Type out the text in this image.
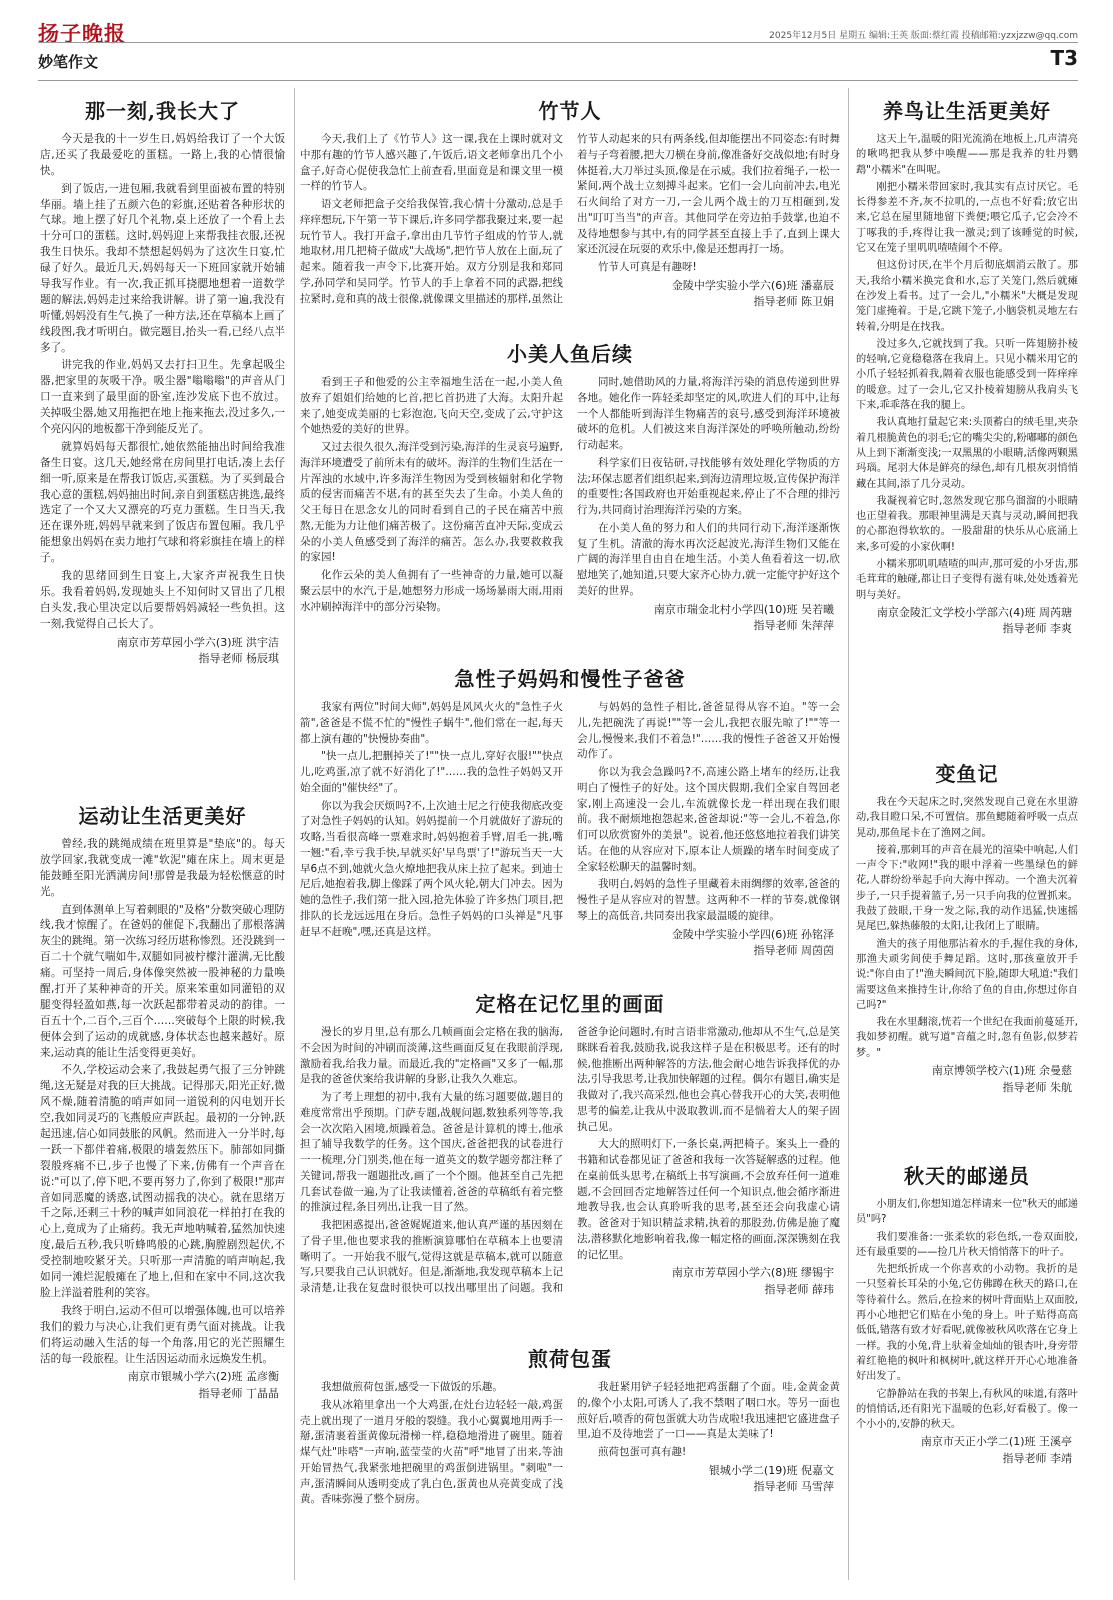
扬子晚报	2025年12月5日 星期五 编辑:王英 版面:蔡红霞 投稿邮箱:yzxjzzw@qq.com
妙笔作文	T3
那一刻,我长大了

今天是我的十一岁生日,妈妈给我订了一个大饭店,还买了我最爱吃的蛋糕。一路上,我的心情很愉快。

到了饭店,一进包厢,我就看到里面被布置的特别华丽。墙上挂了五颜六色的彩旗,还贴着各种形状的气球。地上摆了好几个礼物,桌上还放了一个看上去十分可口的蛋糕。这时,妈妈迎上来帮我挂衣服,还祝我生日快乐。我却不禁想起妈妈为了这次生日宴,忙碌了好久。最近几天,妈妈每天一下班回家就开始辅导我写作业。有一次,我正抓耳挠腮地想着一道数学题的解法,妈妈走过来给我讲解。讲了第一遍,我没有听懂,妈妈没有生气,换了一种方法,还在草稿本上画了线段图,我才听明白。做完题目,抬头一看,已经八点半多了。

讲完我的作业,妈妈又去打扫卫生。先拿起吸尘器,把家里的灰吸干净。吸尘器"嗡嗡嗡"的声音从门口一直来到了最里面的卧室,连沙发底下也不放过。关掉吸尘器,她又用拖把在地上拖来拖去,没过多久,一个亮闪闪的地板都干净到能反光了。

就算妈妈每天都很忙,她依然能抽出时间给我准备生日宴。这几天,她经常在房间里打电话,凑上去仔细一听,原来是在帮我订饭店,买蛋糕。为了买到最合我心意的蛋糕,妈妈抽出时间,亲自到蛋糕店挑选,最终选定了一个又大又漂亮的巧克力蛋糕。生日当天,我还在课外班,妈妈早就来到了饭店布置包厢。我几乎能想象出妈妈在卖力地打气球和将彩旗挂在墙上的样子。

我的思绪回到生日宴上,大家齐声祝我生日快乐。我看着妈妈,发现她头上不知何时又冒出了几根白头发,我心里决定以后要帮妈妈减轻一些负担。这一刻,我觉得自己长大了。

南京市芳草园小学六(3)班 洪宇洁
指导老师 杨辰琪
运动让生活更美好

曾经,我的跳绳成绩在班里算是"垫底"的。每天放学回家,我就变成一滩"软泥"瘫在床上。周末更是能鼓睡至阳光洒满房间!那曾是我最为轻松惬意的时光。

直到体测单上写着刺眼的"及格"分数突破心理防线,我才惊醒了。在爸妈的催促下,我翻出了那根落满灰尘的跳绳。第一次练习经历堪称惨烈。还没跳到一百二十个就气喘如牛,双腿如同被柠檬汁灌满,无比酸痛。可坚持一周后,身体像突然被一股神秘的力量唤醒,打开了某种神奇的开关。原来笨重如同灌铅的双腿变得轻盈如燕,每一次跃起都带着灵动的韵律。一百五十个,二百个,三百个……突破每个上限的时候,我便体会到了运动的成就感,身体状态也越来越好。原来,运动真的能让生活变得更美好。

不久,学校运动会来了,我鼓起勇气报了三分钟跳绳,这无疑是对我的巨大挑战。记得那天,阳光正好,微风不燥,随着清脆的哨声如同一道锐利的闪电划开长空,我如同灵巧的飞燕般应声跃起。最初的一分钟,跃起迅速,信心如同鼓胀的风帆。然而进入一分半时,每一跃一下都伴着痛,极限的墙轰然压下。肺部如同撕裂般疼痛不已,步子也慢了下来,仿佛有一个声音在说:"可以了,停下吧,不要再努力了,你到了极限!"那声音如同恶魔的诱惑,试图动摇我的决心。就在思绪万千之际,还剩三十秒的喊声如同浪花一样拍打在我的心上,竟成为了止痛药。我无声地呐喊着,猛然加快速度,最后五秒,我只听蜂鸣般的心跳,胸膛剧烈起伏,不受控制地咬紧牙关。只听那一声清脆的哨声响起,我如同一滩烂泥般瘫在了地上,但和在家中不同,这次我脸上洋溢着胜利的笑容。

我终于明白,运动不但可以增强体魄,也可以培养我们的毅力与决心,让我们更有勇气面对挑战。让我们将运动融入生活的每一个角落,用它的光芒照耀生活的每一段旅程。让生活因运动而永远焕发生机。

南京市银城小学六(2)班 孟彦衡
指导老师 丁晶晶
竹节人

今天,我们上了《竹节人》这一课,我在上课时就对文中那有趣的竹节人感兴趣了,午饭后,语文老师拿出几个小盒子,好奇心促使我急忙上前查看,里面竟是和课文里一模一样的竹节人。

语文老师把盒子交给我保管,我心情十分激动,总是手痒痒想玩,下午第一节下课后,许多同学都我聚过来,要一起玩竹节人。我打开盒子,拿出由几节竹子组成的竹节人,就地取材,用几把椅子做成"大战场",把竹节人放在上面,玩了起来。随着我一声令下,比赛开始。双方分别是我和郑同学,孙同学和吴同学。竹节人的手上拿着不同的武器,把线拉紧时,竟和真的战士很像,就像课文里描述的那样,虽然让竹节人动起来的只有两条线,但却能摆出不同姿态:有时舞着与子弯着腰,把大刀横在身前,像准备好交战似地;有时身体挺着,大刀举过头顶,像是在示威。我们拉着绳子,一松一紧间,两个战士立刻搏斗起来。它们一会儿向前冲去,电光石火间给了对方一刀,一会儿两个战士的刀互相砸到,发出"叮叮当当"的声音。其他同学在旁边拍手鼓掌,也迫不及待地想参与其中,有的同学甚至直接上手了,直到上课大家还沉浸在玩耍的欢乐中,像是还想再打一场。

竹节人可真是有趣呀!

金陵中学实验小学六(6)班 潘嘉辰
指导老师 陈卫娟
小美人鱼后续

看到王子和他爱的公主幸福地生活在一起,小美人鱼放弃了姐姐们给她的匕首,把匕首扔进了大海。太阳升起来了,她变成美丽的七彩泡泡,飞向天空,变成了云,守护这个她热爱的美好的世界。

又过去很久很久,海洋受到污染,海洋的生灵哀号遍野,海洋环境遭受了前所未有的破坏。海洋的生物们生活在一片浑浊的水域中,许多海洋生物因为受到核辐射和化学物质的侵害而痛苦不堪,有的甚至失去了生命。小美人鱼的父王每日在思念女儿的同时看到自己的子民在痛苦中煎熬,无能为力让他们痛苦极了。这份痛苦直冲天际,变成云朵的小美人鱼感受到了海洋的痛苦。怎么办,我要救救我的家园!

化作云朵的美人鱼拥有了一些神奇的力量,她可以凝聚云层中的水汽,于是,她想努力形成一场场暴雨大雨,用雨水冲刷掉海洋中的部分污染物。

同时,她借助风的力量,将海洋污染的消息传递到世界各地。她化作一阵轻柔却坚定的风,吹进人们的耳中,让每一个人都能听到海洋生物痛苦的哀号,感受到海洋环境被破坏的危机。人们被这来自海洋深处的呼唤所触动,纷纷行动起来。

科学家们日夜钻研,寻找能够有效处理化学物质的方法;环保志愿者们组织起来,到海边清理垃圾,宣传保护海洋的重要性;各国政府也开始重视起来,停止了不合理的排污行为,共同商讨治理海洋污染的方案。

在小美人鱼的努力和人们的共同行动下,海洋逐渐恢复了生机。清澈的海水再次泛起波光,海洋生物们又能在广阔的海洋里自由自在地生活。小美人鱼看着这一切,欣慰地笑了,她知道,只要大家齐心协力,就一定能守护好这个美好的世界。

南京市瑞金北村小学四(10)班 吴若曦
指导老师 朱萍萍
急性子妈妈和慢性子爸爸

我家有两位"时间大师",妈妈是风风火火的"急性子火箭",爸爸是不慌不忙的"慢性子蜗牛",他们常在一起,每天都上演有趣的"快慢协奏曲"。

"快一点儿,把删掉关了!""快一点儿,穿好衣服!""快点儿,吃鸡蛋,凉了就不好消化了!"……我的急性子妈妈又开始全面的"催快经"了。

你以为我会厌烦吗?不,上次迪士尼之行使我彻底改变了对急性子妈妈的认知。妈妈提前一个月就做好了游玩的攻略,当看很高峰一票难求时,妈妈抱着手臂,眉毛一挑,嘴一翘:"看,幸亏我手快,早就买好'早鸟票'了!"游玩当天一大早6点不到,她就火急火燎地把我从床上拉了起来。到迪士尼后,她抱着我,脚上像踩了两个风火轮,朝大门冲去。因为她的急性子,我们第一批入园,抢先体验了许多热门项目,把排队的长龙远远甩在身后。急性子妈妈的口头禅是"凡事赶早不赶晚",嘿,还真是这样。

与妈妈的急性子相比,爸爸显得从容不迫。"等一会儿,先把碗洗了再说!""等一会儿,我把衣服先晾了!""等一会儿,慢慢来,我们不着急!"……我的慢性子爸爸又开始慢动作了。

你以为我会急躁吗?不,高速公路上堵车的经历,让我明白了慢性子的好处。这个国庆假期,我们全家自驾回老家,刚上高速没一会儿,车流就像长龙一样出现在我们眼前。我不耐烦地抱怨起来,爸爸却说:"等一会儿,不着急,你们可以欣赏窗外的美景"。说着,他还悠悠地拉着我们讲笑话。在他的从容应对下,原本让人烦躁的堵车时间变成了全家轻松聊天的温馨时刻。

我明白,妈妈的急性子里藏着未雨绸缪的效率,爸爸的慢性子是从容应对的智慧。这两种不一样的节奏,就像钢琴上的高低音,共同奏出我家最温暖的旋律。

金陵中学实验小学四(6)班 孙铭泽
指导老师 周茵茵
定格在记忆里的画面

漫长的岁月里,总有那么几帧画面会定格在我的脑海,不会因为时间的冲刷而淡薄,这些画面反复在我眼前浮现,激励着我,给我力量。而最近,我的"定格画"又多了一幅,那是我的爸爸伏案给我讲解的身影,让我久久难忘。

为了考上理想的初中,我有大量的练习题要做,题目的难度常常出乎预期。门萨专题,战舰问题,数独系列等等,我会一次次陷入困境,烦躁着急。爸爸是计算机的博士,他承担了辅导我数学的任务。这个国庆,爸爸把我的试卷进行一一梳理,分门别类,他在每一道英文的数学题旁都注释了关键词,帮我一题题批改,画了一个个圈。他甚至自己先把几套试卷做一遍,为了让我读懂着,爸爸的草稿纸有着完整的推演过程,条目列出,让我一目了然。

我把困惑提出,爸爸娓娓道来,他认真严谨的基因刻在了骨子里,他也要求我的推断演算哪怕在草稿本上也要清晰明了。一开始我不服气,觉得这就是草稿本,就可以随意写,只要我自己认识就好。但是,渐渐地,我发现草稿本上记录清楚,让我在复盘时很快可以找出哪里出了问题。我和爸爸争论问题时,有时言语非常激动,他却从不生气,总是笑眯眯看着我,鼓励我,说我这样子是在积极思考。还有的时候,他推断出两种解答的方法,他会耐心地告诉我择优的办法,引导我思考,让我加快解题的过程。偶尔有题目,确实是我做对了,我兴高采烈,他也会真心替我开心的大笑,表明他思考的偏差,让我从中汲取教训,而不是惴着大人的架子固执己见。

大大的照明灯下,一条长桌,两把椅子。案头上一叠的书籍和试卷都见证了爸爸和我每一次答疑解惑的过程。他在桌前低头思考,在稿纸上书写演画,不会放弃任何一道难题,不会回回否定地解答过任何一个知识点,他会循序渐进地教导我,也会认真聆听我的思考,甚至还会向我虚心请教。爸爸对于知识精益求精,执着的那股劲,仿佛是施了魔法,潜移默化地影响着我,像一幅定格的画面,深深镌刻在我的记忆里。

南京市芳草园小学六(8)班 缪锡宇
指导老师 薛玮
煎荷包蛋

我想做煎荷包蛋,感受一下做饭的乐趣。

我从冰箱里拿出一个大鸡蛋,在灶台边轻轻一敲,鸡蛋壳上就出现了一道月牙般的裂缝。我小心翼翼地用两手一掰,蛋清裹着蛋黄像玩滑梯一样,稳稳地滑进了碗里。随着煤气灶"咔嗒"一声响,蓝莹莹的火苗"呼"地冒了出来,等油开始冒热气,我紧张地把碗里的鸡蛋倒进锅里。"刺啦"一声,蛋清瞬间从透明变成了乳白色,蛋黄也从亮黄变成了浅黄。香味弥漫了整个厨房。

我赶紧用铲子轻轻地把鸡蛋翻了个面。哇,金黄金黄的,像个小太阳,可诱人了,我不禁咽了咽口水。等另一面也煎好后,喷香的荷包蛋就大功告成啦!我迅速把它盛进盘子里,迫不及待地尝了一口——真是太美味了!

煎荷包蛋可真有趣!

银城小学二(19)班 倪嘉文
指导老师 马雪萍
养鸟让生活更美好

这天上午,温暖的阳光流淌在地板上,几声清亮的啾鸣把我从梦中唤醒——那是我养的牡丹鹦鹉"小糯米"在叫呢。

刚把小糯米带回家时,我其实有点讨厌它。毛长得参差不齐,灰不拉叽的,一点也不好看;放它出来,它总在屋里随地留下粪便;喂它瓜子,它会冷不丁啄我的手,疼得让我一激灵;到了该睡觉的时候,它又在笼子里叽叽喳喳闹个不停。

但这份讨厌,在半个月后彻底烟消云散了。那天,我给小糯米换完食和水,忘了关笼门,然后就瘫在沙发上看书。过了一会儿,"小糯米"大概是发现笼门虚掩着。于是,它跳下笼子,小脑袋机灵地左右转着,分明是在找我。

没过多久,它就找到了我。只听一阵翅膀扑棱的轻响,它竟稳稳落在我肩上。只见小糯米用它的小爪子轻轻抓着我,隔着衣服也能感受到一阵痒痒的暖意。过了一会儿,它又扑棱着翅膀从我肩头飞下来,乖乖落在我的腿上。

我认真地打量起它来:头顶蓄白的绒毛里,夹杂着几根脆黄色的羽毛;它的嘴尖尖的,粉嘟嘟的颜色从上到下渐渐变浅;一双黑黑的小眼睛,活像两颗黑玛瑙。尾羽大体是鲜亮的绿色,却有几根灰羽悄悄藏在其间,添了几分灵动。

我凝视着它时,忽然发现它那乌溜溜的小眼睛也正望着我。那眼神里满是天真与灵动,瞬间把我的心都泡得软软的。一股甜甜的快乐从心底涌上来,多可爱的小家伙啊!

小糯米那叽叽喳喳的叫声,那可爱的小牙齿,那毛茸茸的触碰,都让日子变得有滋有味,处处透着光明与美好。

南京金陵汇文学校小学部六(4)班 周芮瑭
指导老师 李爽
变鱼记

我在今天起床之时,突然发现自己竟在水里游动,我目瞪口呆,不可置信。那鱼鳃随着呼吸一点点晃动,那鱼尾卡在了渔网之间。

接着,那刺耳的声音在晨光的渲染中响起,人们一声令下:"收网!"我的眼中浮着一些墨绿色的鲜花,人群纷纷举起手向大海中挥动。一个渔夫沉着步子,一只手提着篮子,另一只手向我的位置抓来。我鼓了鼓眼,干身一发之际,我的动作迅猛,快速摇晃尾巴,躲热藤般的太阳,让我闭上了眼睛。

渔夫的孩子用他那沾着水的手,握住我的身体,那渔夫顽劣间使手舞足蹈。这时,那孩童放开手说:"你自由了!"渔夫瞬间沉下脸,随即大吼道:"我们需要这鱼来推持生计,你给了鱼的自由,你想过你自己吗?"

我在水里翻滚,恍若一个世纪在我面前蔓延开,我如梦初醒。就写道"音蕴之时,忽有鱼影,似梦若梦。"

南京博领学校六(1)班 余曼慈
指导老师 朱航
秋天的邮递员

小朋友们,你想知道怎样请来一位"秋天的邮递员"吗?

我们要准备:一张柔软的彩色纸,一卷双面胶,还有最重要的——捡几片秋天悄悄落下的叶子。

先把纸折成一个你喜欢的小动物。我折的是一只竖着长耳朵的小兔,它仿佛蹲在秋天的路口,在等待着什么。然后,在捡来的树叶背面贴上双面胶,再小心地把它们贴在小兔的身上。叶子贴得高高低低,错落有致才好看呢,就像被秋风吹落在它身上一样。我的小兔,背上驮着金灿灿的银杏叶,身旁带着红艳艳的枫叶和枫树叶,就这样开开心心地准备好出发了。

它静静站在我的书架上,有秋风的味道,有落叶的悄悄话,还有阳光下温暖的色彩,好看极了。像一个小小的,安静的秋天。

南京市天正小学二(1)班 王溪亭
指导老师 李靖
